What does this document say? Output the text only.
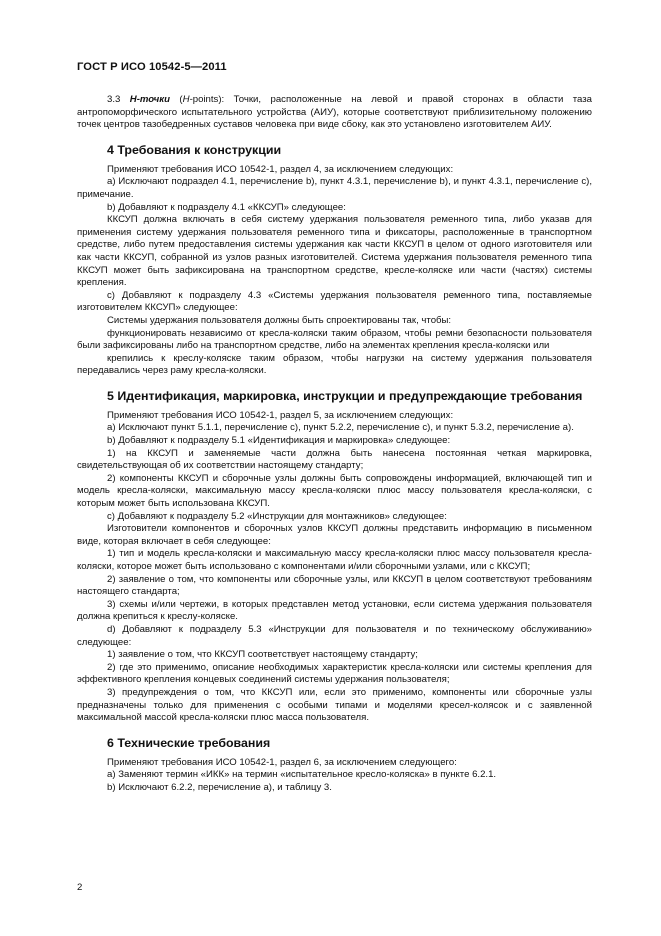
ГОСТ Р ИСО 10542-5—2011

3.3 H-точки (H-points): Точки, расположенные на левой и правой сторонах в области таза антропоморфического испытательного устройства (АИУ), которые соответствуют приблизительному положению точек центров тазобедренных суставов человека при виде сбоку, как это установлено изготовителем АИУ.

4 Требования к конструкции

Применяют требования ИСО 10542-1, раздел 4, за исключением следующих:

а) Исключают подраздел 4.1, перечисление b), пункт 4.3.1, перечисление b), и пункт 4.3.1, перечисление с), примечание.

b) Добавляют к подразделу 4.1 «ККСУП» следующее:

ККСУП должна включать в себя систему удержания пользователя ременного типа, либо указав для применения систему удержания пользователя ременного типа и фиксаторы, расположенные в транспортном средстве, либо путем предоставления системы удержания как части ККСУП в целом от одного изготовителя или как части ККСУП, собранной из узлов разных изготовителей. Система удержания пользователя ременного типа ККСУП может быть зафиксирована на транспортном средстве, кресле-коляске или части (частях) системы крепления.

с) Добавляют к подразделу 4.3 «Системы удержания пользователя ременного типа, поставляемые изготовителем ККСУП» следующее:

Системы удержания пользователя должны быть спроектированы так, чтобы:

функционировать независимо от кресла-коляски таким образом, чтобы ремни безопасности пользователя были зафиксированы либо на транспортном средстве, либо на элементах крепления кресла-коляски или

крепились к креслу-коляске таким образом, чтобы нагрузки на систему удержания пользователя передавались через раму кресла-коляски.

5 Идентификация, маркировка, инструкции и предупреждающие требования

Применяют требования ИСО 10542-1, раздел 5, за исключением следующих:

а) Исключают пункт 5.1.1, перечисление с), пункт 5.2.2, перечисление с), и пункт 5.3.2, перечисление а).

b) Добавляют к подразделу 5.1 «Идентификация и маркировка» следующее:

1) на ККСУП и заменяемые части должна быть нанесена постоянная четкая маркировка, свидетельствующая об их соответствии настоящему стандарту;

2) компоненты ККСУП и сборочные узлы должны быть сопровождены информацией, включающей тип и модель кресла-коляски, максимальную массу кресла-коляски плюс массу пользователя кресла-коляски, с которым может быть использована ККСУП.

с) Добавляют к подразделу 5.2 «Инструкции для монтажников» следующее:

Изготовители компонентов и сборочных узлов ККСУП должны представить информацию в письменном виде, которая включает в себя следующее:

1) тип и модель кресла-коляски и максимальную массу кресла-коляски плюс массу пользователя кресла-коляски, которое может быть использовано с компонентами и/или сборочными узлами, или с ККСУП;

2) заявление о том, что компоненты или сборочные узлы, или ККСУП в целом соответствуют требованиям настоящего стандарта;

3) схемы и/или чертежи, в которых представлен метод установки, если система удержания пользователя должна крепиться к креслу-коляске.

d) Добавляют к подразделу 5.3 «Инструкции для пользователя и по техническому обслуживанию» следующее:

1) заявление о том, что ККСУП соответствует настоящему стандарту;

2) где это применимо, описание необходимых характеристик кресла-коляски или системы крепления для эффективного крепления концевых соединений системы удержания пользователя;

3) предупреждения о том, что ККСУП или, если это применимо, компоненты или сборочные узлы предназначены только для применения с особыми типами и моделями кресел-колясок и с заявленной максимальной массой кресла-коляски плюс масса пользователя.

6 Технические требования

Применяют требования ИСО 10542-1, раздел 6, за исключением следующего:

а) Заменяют термин «ИКК» на термин «испытательное кресло-коляска» в пункте 6.2.1.

b) Исключают 6.2.2, перечисление а), и таблицу 3.

2
